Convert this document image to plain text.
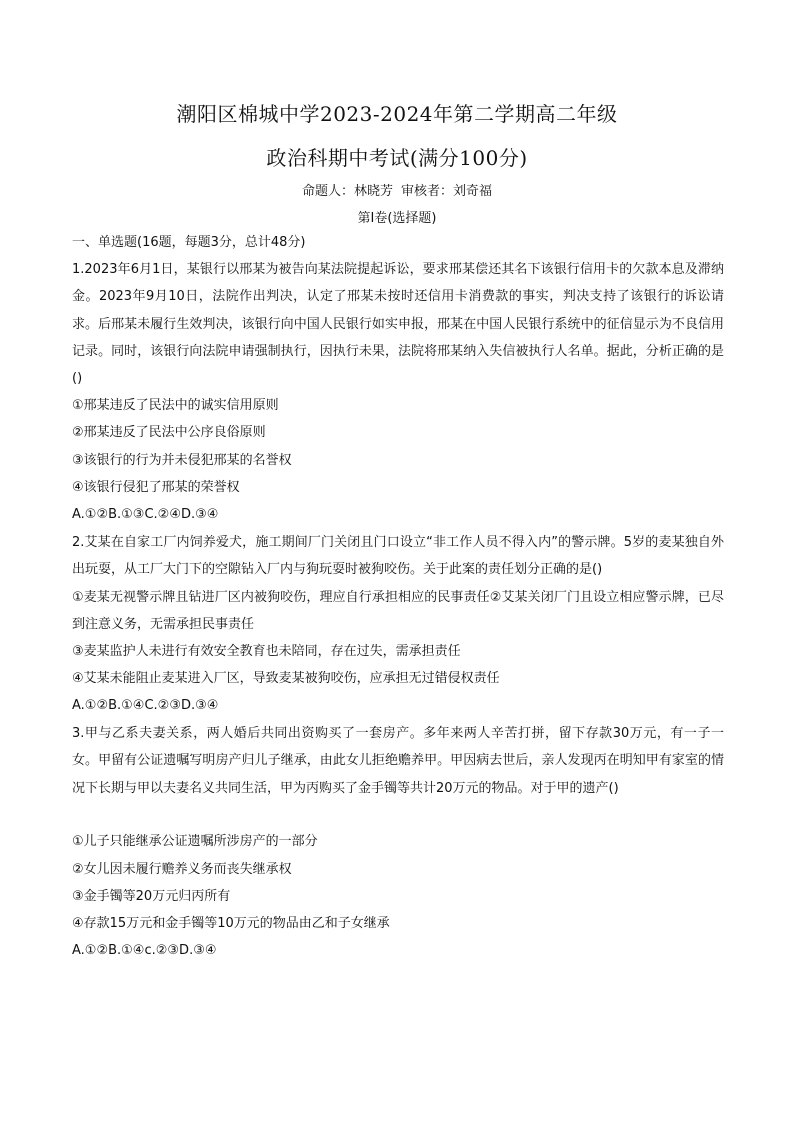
潮阳区棉城中学2023-2024年第二学期高二年级
政治科期中考试(满分100分)
命题人：林晓芳 审核者：刘奇福
第I卷(选择题)
一、单选题(16题，每题3分，总计48分)
1.2023年6月1日，某银行以邢某为被告向某法院提起诉讼，要求邢某偿还其名下该银行信用卡的欠款本息及滞纳金。2023年9月10日，法院作出判决，认定了邢某未按时还信用卡消费款的事实，判决支持了该银行的诉讼请求。后邢某未履行生效判决，该银行向中国人民银行如实申报，邢某在中国人民银行系统中的征信显示为不良信用记录。同时，该银行向法院申请强制执行，因执行未果，法院将邢某纳入失信被执行人名单。据此，分析正确的是()
①邢某违反了民法中的诚实信用原则
②邢某违反了民法中公序良俗原则
③该银行的行为并未侵犯邢某的名誉权
④该银行侵犯了邢某的荣誉权
A.①②B.①③C.②④D.③④
2.艾某在自家工厂内饲养爱犬，施工期间厂门关闭且门口设立“非工作人员不得入内”的警示牌。5岁的麦某独自外出玩耍，从工厂大门下的空隙钻入厂内与狗玩耍时被狗咬伤。关于此案的责任划分正确的是()
①麦某无视警示牌且钻进厂区内被狗咬伤，理应自行承担相应的民事责任②艾某关闭厂门且设立相应警示牌，已尽到注意义务，无需承担民事责任
③麦某监护人未进行有效安全教育也未陪同，存在过失，需承担责任
④艾某未能阻止麦某进入厂区，导致麦某被狗咬伤，应承担无过错侵权责任
A.①②B.①④C.②③D.③④
3.甲与乙系夫妻关系，两人婚后共同出资购买了一套房产。多年来两人辛苦打拼，留下存款30万元，有一子一女。甲留有公证遗嘱写明房产归儿子继承，由此女儿拒绝赡养甲。甲因病去世后，亲人发现丙在明知甲有家室的情况下长期与甲以夫妻名义共同生活，甲为丙购买了金手镯等共计20万元的物品。对于甲的遗产()
①儿子只能继承公证遗嘱所涉房产的一部分
②女儿因未履行赡养义务而丧失继承权
③金手镯等20万元归丙所有
④存款15万元和金手镯等10万元的物品由乙和子女继承
A.①②B.①④c.②③D.③④
